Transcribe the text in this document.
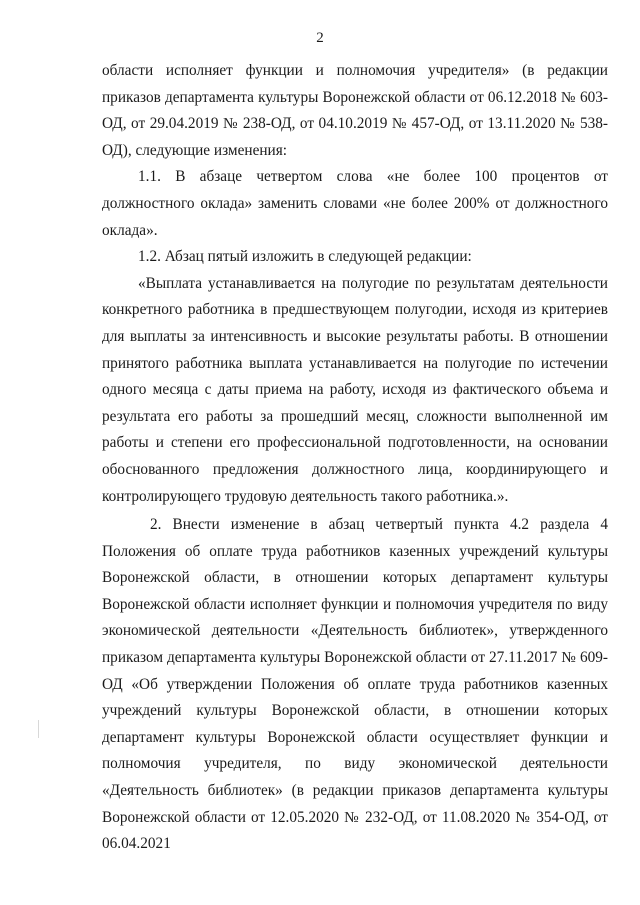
2

области исполняет функции и полномочия учредителя» (в редакции приказов департамента культуры Воронежской области от 06.12.2018 № 603-ОД, от 29.04.2019 № 238-ОД, от 04.10.2019 № 457-ОД, от 13.11.2020 № 538-ОД), следующие изменения:

1.1. В абзаце четвертом слова «не более 100 процентов от должностного оклада» заменить словами «не более 200% от должностного оклада».

1.2. Абзац пятый изложить в следующей редакции:

«Выплата устанавливается на полугодие по результатам деятельности конкретного работника в предшествующем полугодии, исходя из критериев для выплаты за интенсивность и высокие результаты работы. В отношении принятого работника выплата устанавливается на полугодие по истечении одного месяца с даты приема на работу, исходя из фактического объема и результата его работы за прошедший месяц, сложности выполненной им работы и степени его профессиональной подготовленности, на основании обоснованного предложения должностного лица, координирующего и контролирующего трудовую деятельность такого работника.».

2. Внести изменение в абзац четвертый пункта 4.2 раздела 4 Положения об оплате труда работников казенных учреждений культуры Воронежской области, в отношении которых департамент культуры Воронежской области исполняет функции и полномочия учредителя по виду экономической деятельности «Деятельность библиотек», утвержденного приказом департамента культуры Воронежской области от 27.11.2017 № 609-ОД «Об утверждении Положения об оплате труда работников казенных учреждений культуры Воронежской области, в отношении которых департамент культуры Воронежской области осуществляет функции и полномочия учредителя, по виду экономической деятельности «Деятельность библиотек» (в редакции приказов департамента культуры Воронежской области от 12.05.2020 № 232-ОД, от 11.08.2020 № 354-ОД, от 06.04.2021
